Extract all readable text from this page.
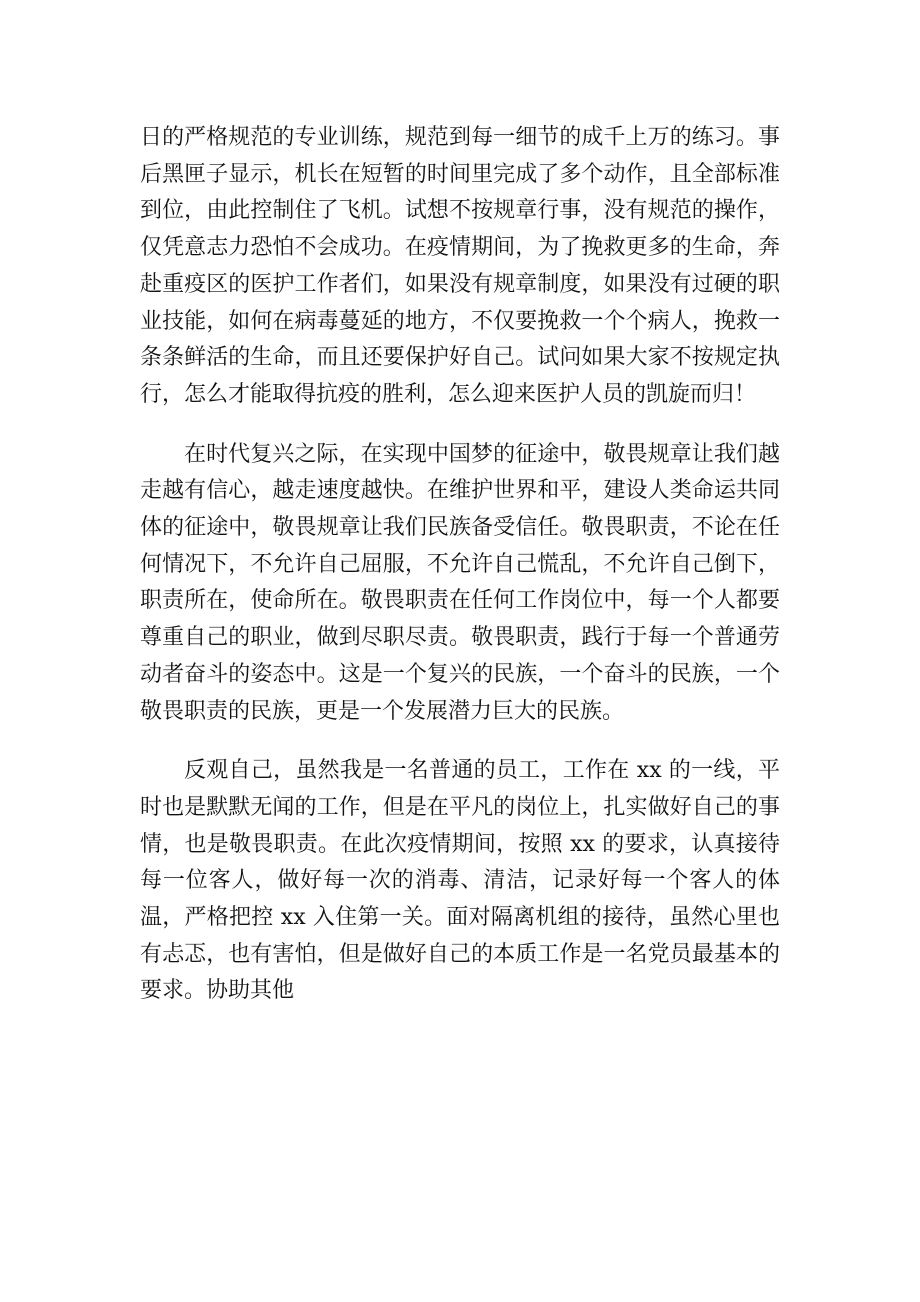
日的严格规范的专业训练，规范到每一细节的成千上万的练习。事后黑匣子显示，机长在短暂的时间里完成了多个动作，且全部标准到位，由此控制住了飞机。试想不按规章行事，没有规范的操作，仅凭意志力恐怕不会成功。在疫情期间，为了挽救更多的生命，奔赴重疫区的医护工作者们，如果没有规章制度，如果没有过硬的职业技能，如何在病毒蔓延的地方，不仅要挽救一个个病人，挽救一条条鲜活的生命，而且还要保护好自己。试问如果大家不按规定执行，怎么才能取得抗疫的胜利，怎么迎来医护人员的凯旋而归！

在时代复兴之际，在实现中国梦的征途中，敬畏规章让我们越走越有信心，越走速度越快。在维护世界和平，建设人类命运共同体的征途中，敬畏规章让我们民族备受信任。敬畏职责，不论在任何情况下，不允许自己屈服，不允许自己慌乱，不允许自己倒下，职责所在，使命所在。敬畏职责在任何工作岗位中，每一个人都要尊重自己的职业，做到尽职尽责。敬畏职责，践行于每一个普通劳动者奋斗的姿态中。这是一个复兴的民族，一个奋斗的民族，一个敬畏职责的民族，更是一个发展潜力巨大的民族。

反观自己，虽然我是一名普通的员工，工作在 xx 的一线，平时也是默默无闻的工作，但是在平凡的岗位上，扎实做好自己的事情，也是敬畏职责。在此次疫情期间，按照 xx 的要求，认真接待每一位客人，做好每一次的消毒、清洁，记录好每一个客人的体温，严格把控 xx 入住第一关。面对隔离机组的接待，虽然心里也有忐忑，也有害怕，但是做好自己的本质工作是一名党员最基本的要求。协助其他
